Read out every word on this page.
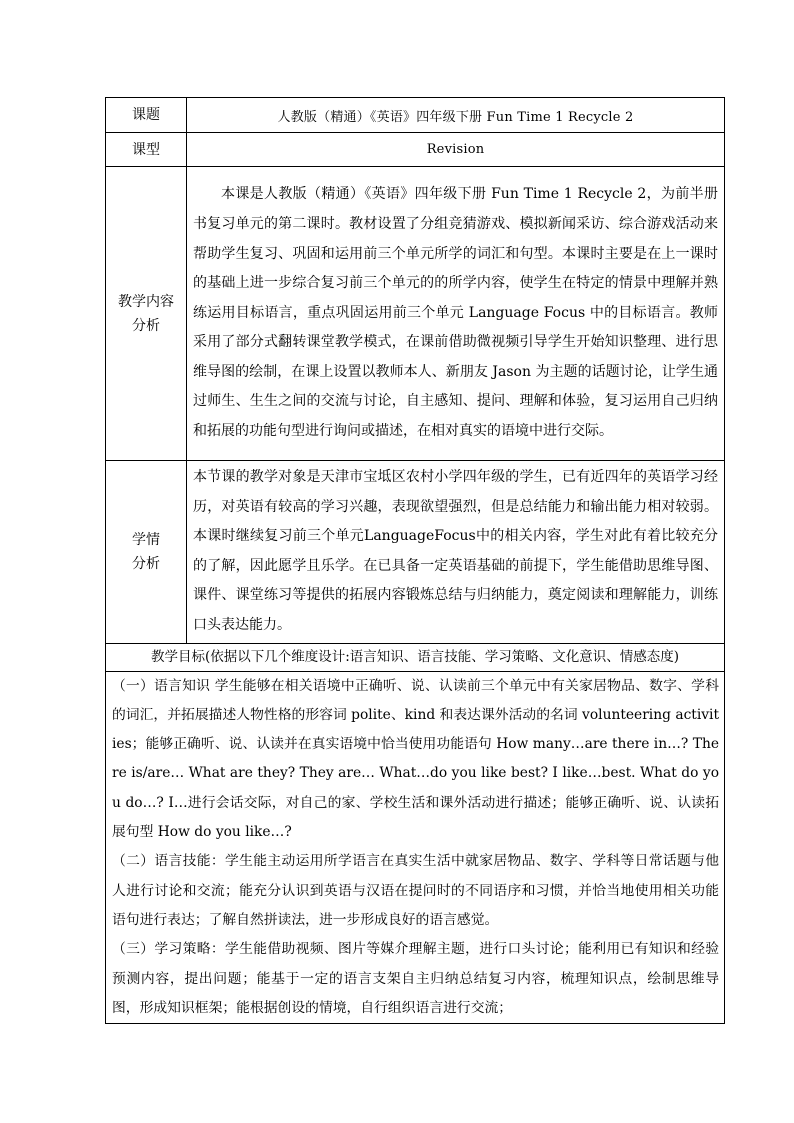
课题	人教版（精通）《英语》四年级下册 Fun Time 1 Recycle 2
课型	Revision
教学内容分析	本课是人教版（精通）《英语》四年级下册 Fun Time 1 Recycle 2，为前半册书复习单元的第二课时。教材设置了分组竞猜游戏、模拟新闻采访、综合游戏活动来帮助学生复习、巩固和运用前三个单元所学的词汇和句型。本课时主要是在上一课时的基础上进一步综合复习前三个单元的的所学内容，使学生在特定的情景中理解并熟练运用目标语言，重点巩固运用前三个单元 Language Focus 中的目标语言。教师采用了部分式翻转课堂教学模式，在课前借助微视频引导学生开始知识整理、进行思维导图的绘制，在课上设置以教师本人、新朋友 Jason 为主题的话题讨论，让学生通过师生、生生之间的交流与讨论，自主感知、提问、理解和体验，复习运用自己归纳和拓展的功能句型进行询问或描述，在相对真实的语境中进行交际。
学情分析	本节课的教学对象是天津市宝坻区农村小学四年级的学生，已有近四年的英语学习经历，对英语有较高的学习兴趣，表现欲望强烈，但是总结能力和输出能力相对较弱。本课时继续复习前三个单元LanguageFocus中的相关内容，学生对此有着比较充分的了解，因此愿学且乐学。在已具备一定英语基础的前提下，学生能借助思维导图、课件、课堂练习等提供的拓展内容锻炼总结与归纳能力，奠定阅读和理解能力，训练口头表达能力。
教学目标(依据以下几个维度设计:语言知识、语言技能、学习策略、文化意识、情感态度)	

（一）语言知识 学生能够在相关语境中正确听、说、认读前三个单元中有关家居物品、数字、学科的词汇，并拓展描述人物性格的形容词 polite、kind 和表达课外活动的名词 volunteering activities；能够正确听、说、认读并在真实语境中恰当使用功能语句 How many…are there in…? There is/are… What are they? They are… What…do you like best? I like…best. What do you do…? I…进行会话交际，对自己的家、学校生活和课外活动进行描述；能够正确听、说、认读拓展句型 How do you like…?

（二）语言技能：学生能主动运用所学语言在真实生活中就家居物品、数字、学科等日常话题与他人进行讨论和交流；能充分认识到英语与汉语在提问时的不同语序和习惯，并恰当地使用相关功能语句进行表达；了解自然拼读法，进一步形成良好的语言感觉。

（三）学习策略：学生能借助视频、图片等媒介理解主题，进行口头讨论；能利用已有知识和经验预测内容，提出问题；能基于一定的语言支架自主归纳总结复习内容，梳理知识点，绘制思维导图，形成知识框架；能根据创设的情境，自行组织语言进行交流；	
